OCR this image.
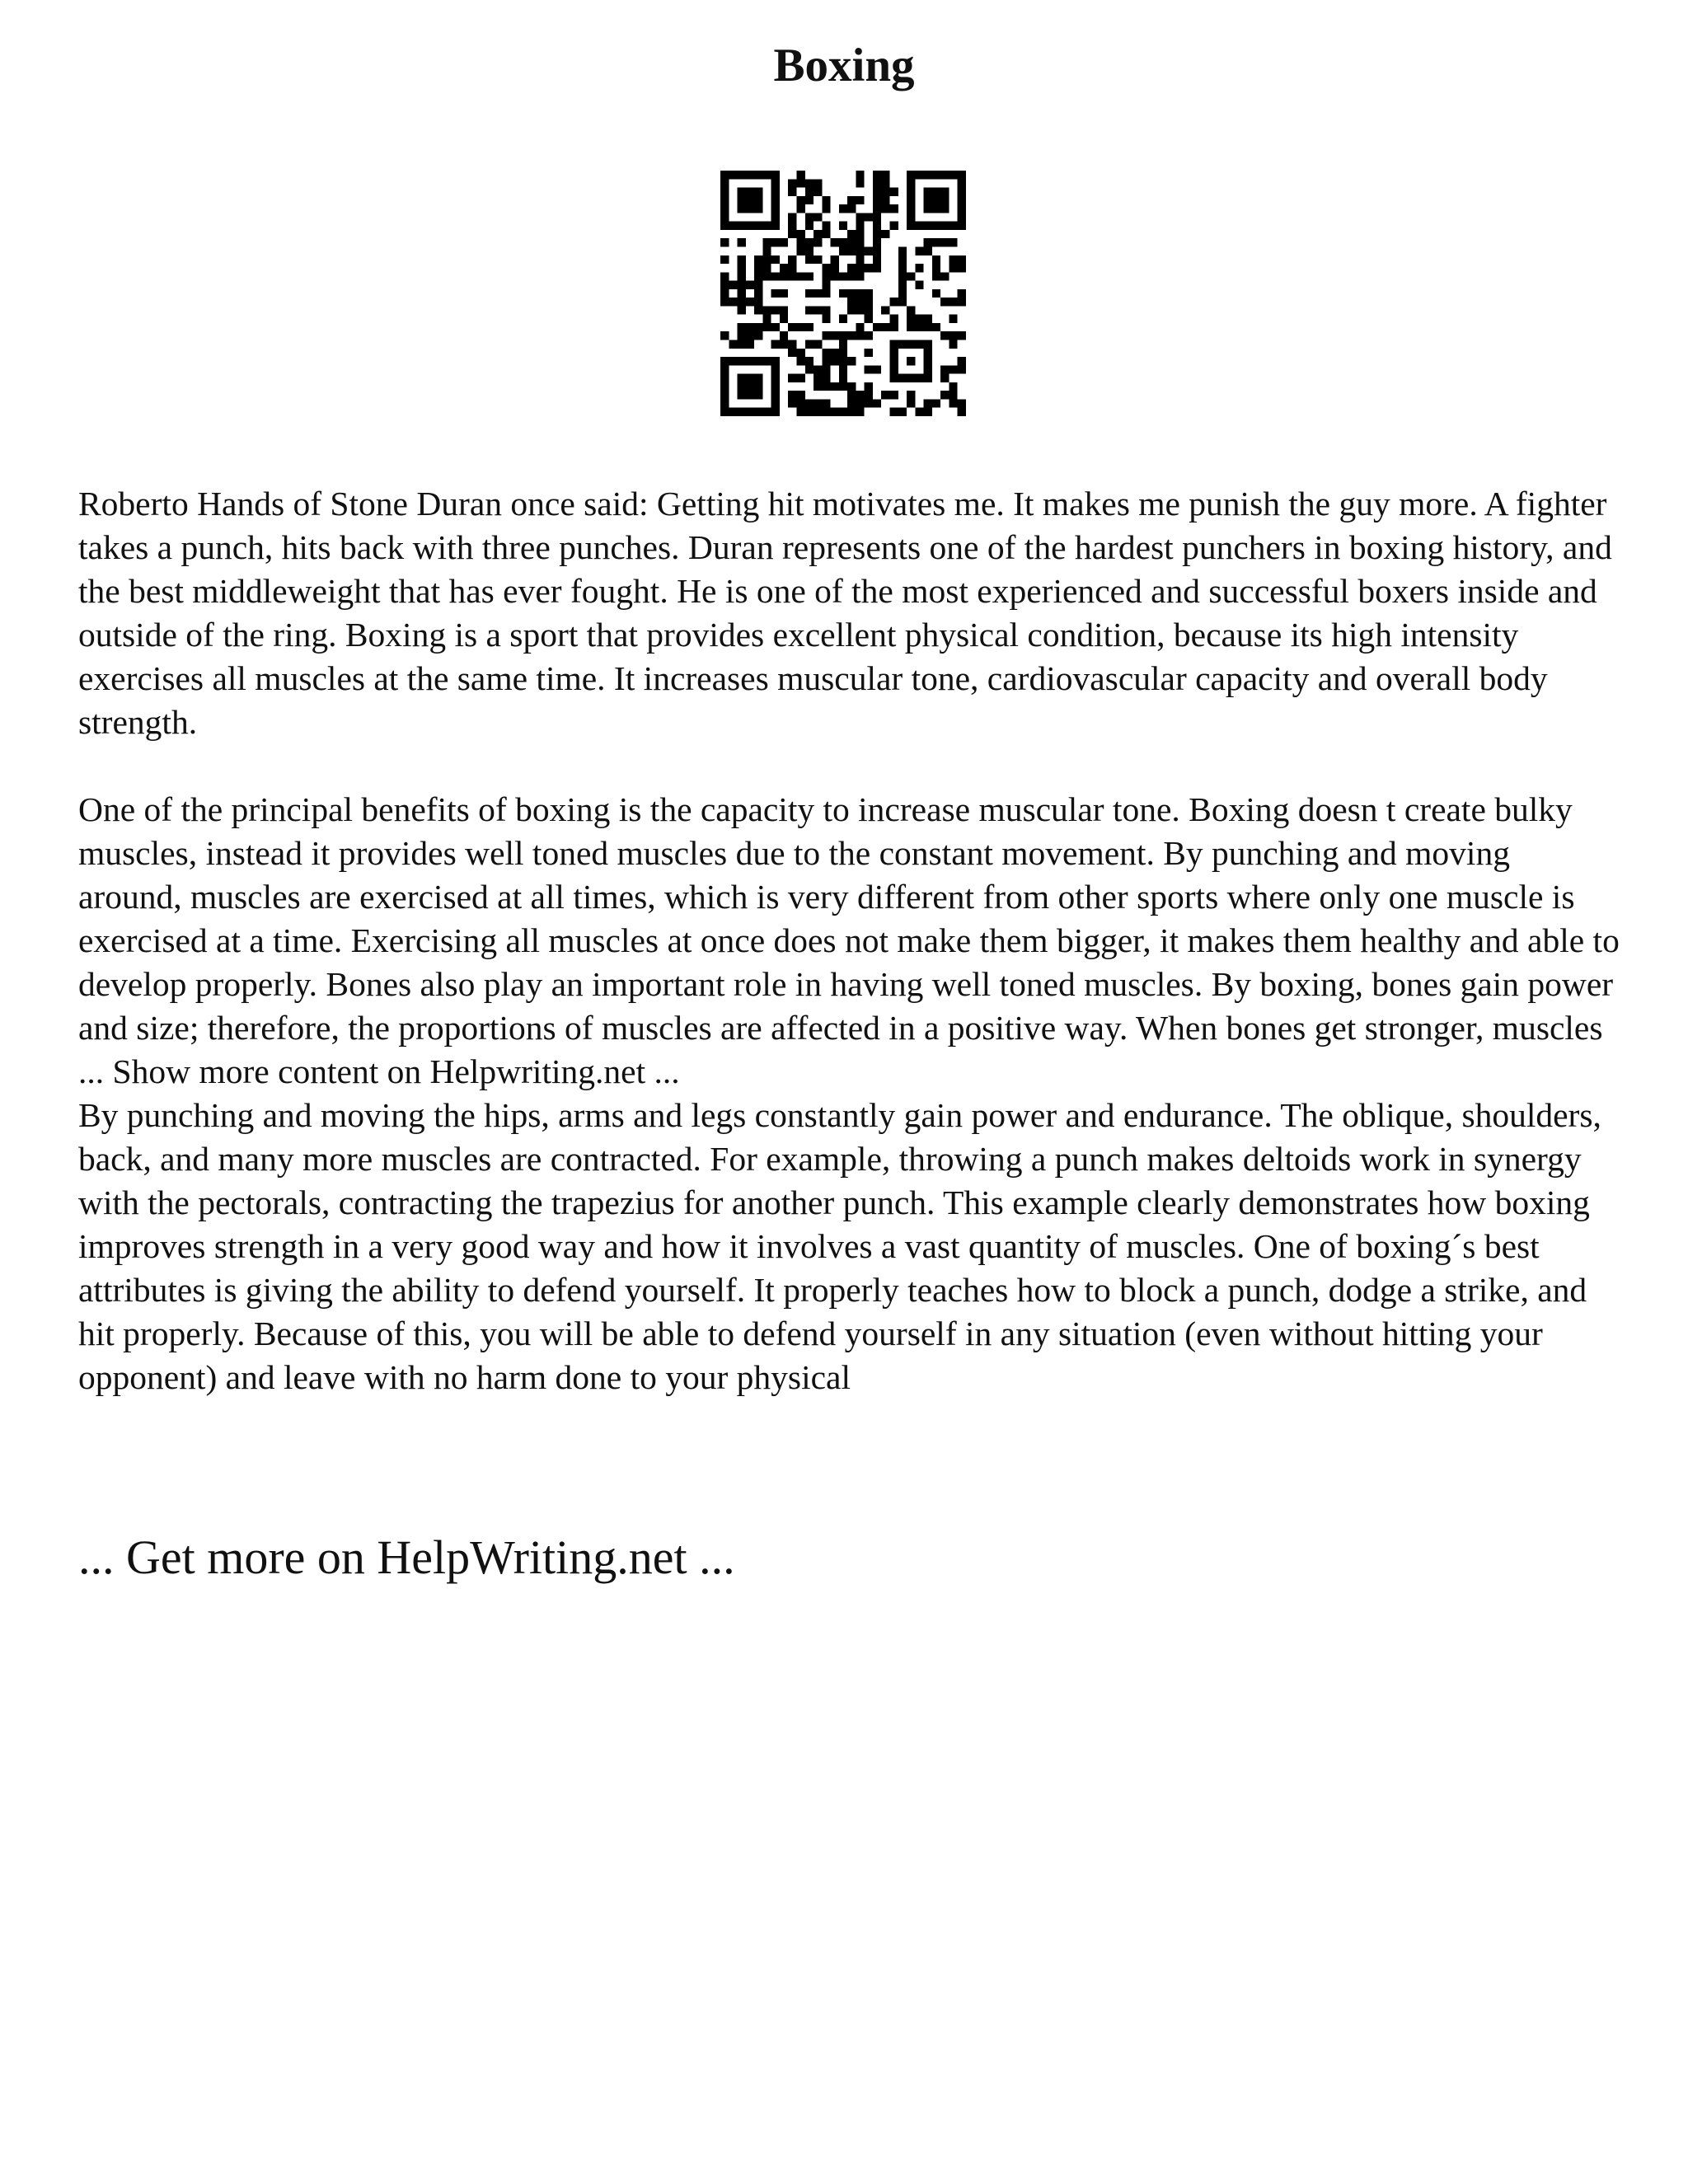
Boxing

Roberto Hands of Stone Duran once said: Getting hit motivates me. It makes me punish the guy more. A fighter takes a punch, hits back with three punches. Duran represents one of the hardest punchers in boxing history, and the best middleweight that has ever fought. He is one of the most experienced and successful boxers inside and outside of the ring. Boxing is a sport that provides excellent physical condition, because its high intensity exercises all muscles at the same time. It increases muscular tone, cardiovascular capacity and overall body strength.

One of the principal benefits of boxing is the capacity to increase muscular tone. Boxing doesn t create bulky muscles, instead it provides well toned muscles due to the constant movement. By punching and moving around, muscles are exercised at all times, which is very different from other sports where only one muscle is exercised at a time. Exercising all muscles at once does not make them bigger, it makes them healthy and able to develop properly. Bones also play an important role in having well toned muscles. By boxing, bones gain power and size; therefore, the proportions of muscles are affected in a positive way. When bones get stronger, muscles ... Show more content on Helpwriting.net ...

By punching and moving the hips, arms and legs constantly gain power and endurance. The oblique, shoulders, back, and many more muscles are contracted. For example, throwing a punch makes deltoids work in synergy with the pectorals, contracting the trapezius for another punch. This example clearly demonstrates how boxing improves strength in a very good way and how it involves a vast quantity of muscles. One of boxing´s best attributes is giving the ability to defend yourself. It properly teaches how to block a punch, dodge a strike, and hit properly. Because of this, you will be able to defend yourself in any situation (even without hitting your opponent) and leave with no harm done to your physical

... Get more on HelpWriting.net ...
